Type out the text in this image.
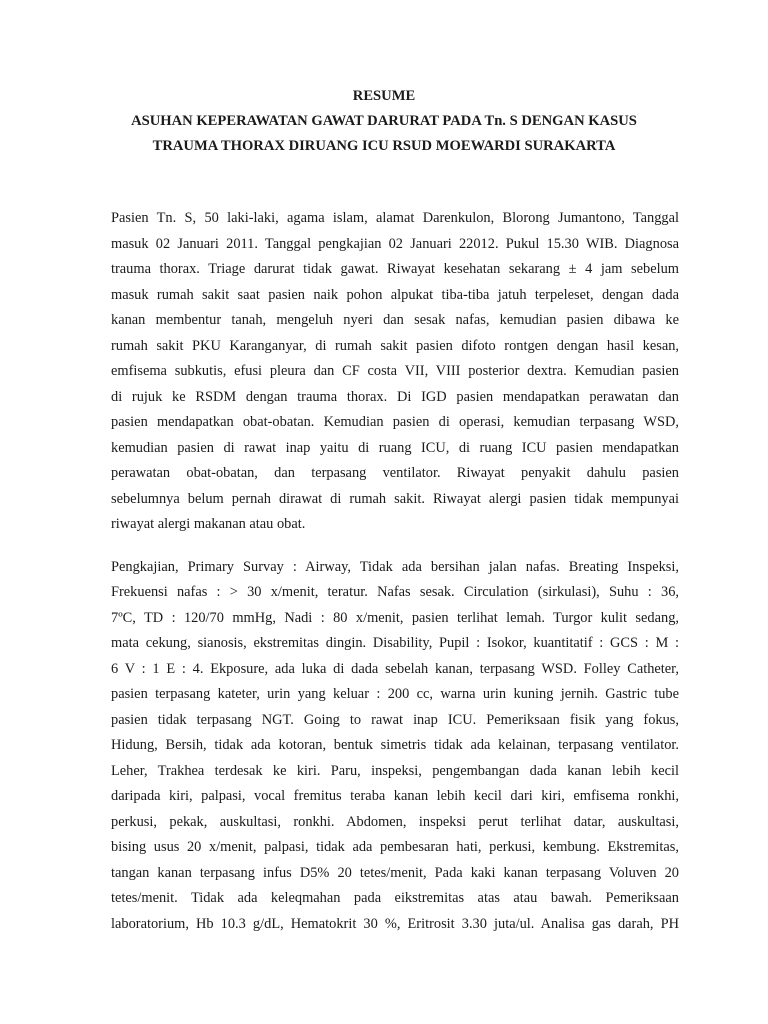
RESUME
ASUHAN KEPERAWATAN GAWAT DARURAT PADA Tn. S DENGAN KASUS
TRAUMA THORAX DIRUANG ICU RSUD MOEWARDI SURAKARTA
Pasien Tn. S, 50 laki-laki, agama islam, alamat Darenkulon, Blorong Jumantono, Tanggal
masuk 02 Januari 2011. Tanggal pengkajian 02 Januari 22012. Pukul 15.30 WIB. Diagnosa
trauma thorax. Triage darurat tidak gawat. Riwayat kesehatan sekarang ± 4 jam sebelum
masuk rumah sakit saat pasien naik pohon alpukat tiba-tiba jatuh terpeleset, dengan dada
kanan membentur tanah, mengeluh nyeri dan sesak nafas, kemudian pasien dibawa ke
rumah sakit PKU Karanganyar, di rumah sakit pasien difoto rontgen dengan hasil kesan,
emfisema subkutis, efusi pleura dan CF costa VII, VIII posterior dextra. Kemudian pasien
di rujuk ke RSDM dengan trauma thorax. Di IGD pasien mendapatkan perawatan dan
pasien mendapatkan obat-obatan. Kemudian pasien di operasi, kemudian terpasang WSD,
kemudian pasien di rawat inap yaitu di ruang ICU, di ruang ICU pasien mendapatkan
perawatan obat-obatan, dan terpasang ventilator. Riwayat penyakit dahulu pasien
sebelumnya belum pernah dirawat di rumah sakit. Riwayat alergi pasien tidak mempunyai
riwayat alergi makanan atau obat.
Pengkajian, Primary Survay : Airway, Tidak ada bersihan jalan nafas. Breating Inspeksi,
Frekuensi nafas : > 30 x/menit, teratur. Nafas sesak. Circulation (sirkulasi), Suhu : 36,
7ºC, TD : 120/70 mmHg, Nadi : 80 x/menit, pasien terlihat lemah. Turgor kulit sedang,
mata cekung, sianosis, ekstremitas dingin. Disability, Pupil : Isokor, kuantitatif : GCS : M :
6 V : 1 E : 4. Ekposure, ada luka di dada sebelah kanan, terpasang WSD. Folley Catheter,
pasien terpasang kateter, urin yang keluar : 200 cc, warna urin kuning jernih. Gastric tube
pasien tidak terpasang NGT. Going to rawat inap ICU. Pemeriksaan fisik yang fokus,
Hidung, Bersih, tidak ada kotoran, bentuk simetris tidak ada kelainan, terpasang ventilator.
Leher, Trakhea terdesak ke kiri. Paru, inspeksi, pengembangan dada kanan lebih kecil
daripada kiri, palpasi, vocal fremitus teraba kanan lebih kecil dari kiri, emfisema ronkhi,
perkusi, pekak, auskultasi, ronkhi. Abdomen, inspeksi perut terlihat datar, auskultasi,
bising usus 20 x/menit, palpasi, tidak ada pembesaran hati, perkusi, kembung. Ekstremitas,
tangan kanan terpasang infus D5% 20 tetes/menit, Pada kaki kanan terpasang Voluven 20
tetes/menit. Tidak ada keleqmahan pada eikstremitas atas atau bawah. Pemeriksaan
laboratorium, Hb 10.3 g/dL, Hematokrit 30 %, Eritrosit 3.30 juta/ul. Analisa gas darah, PH
